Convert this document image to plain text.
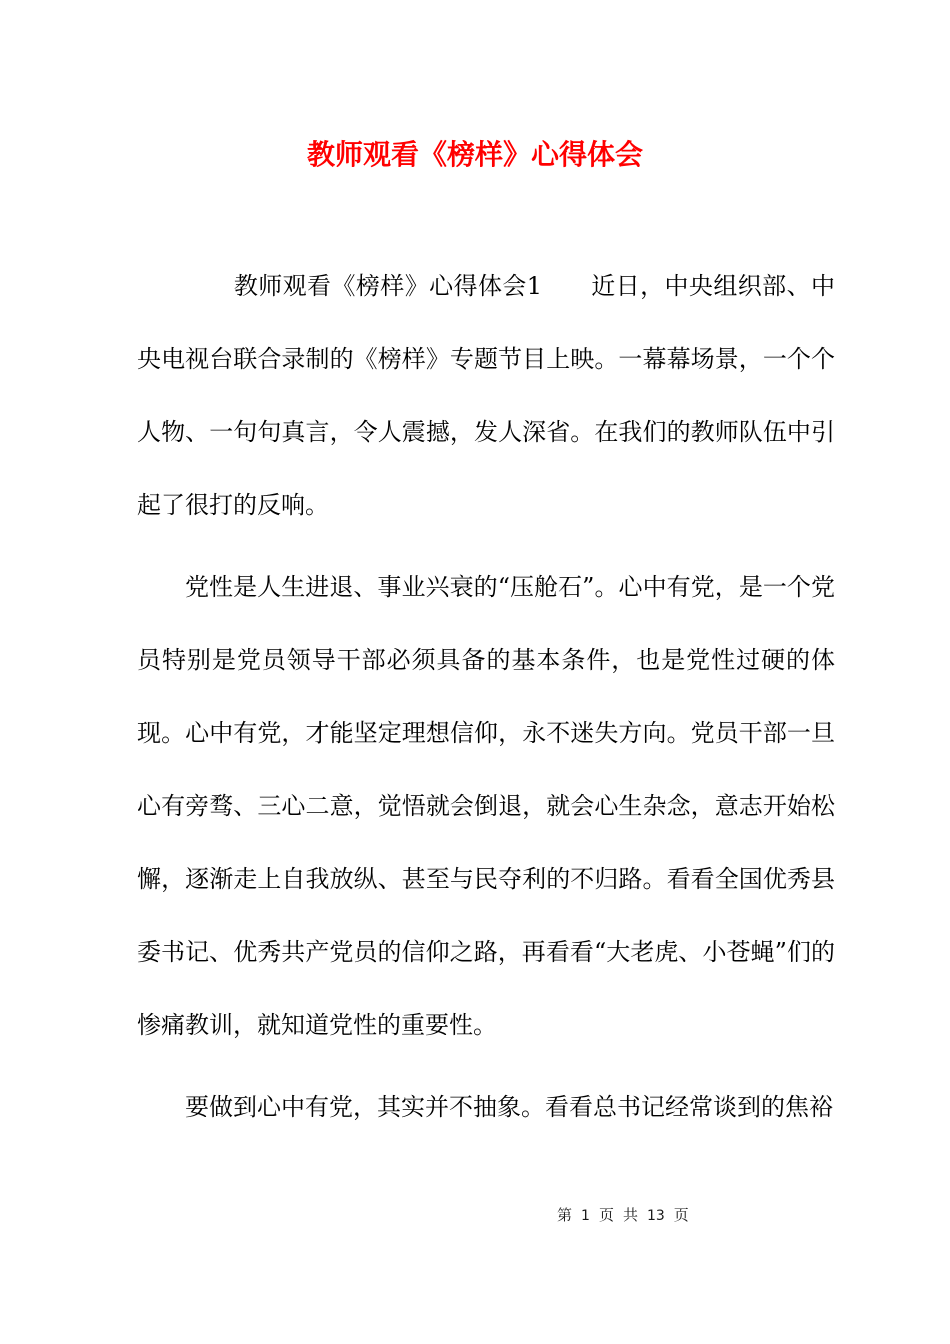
教师观看《榜样》心得体会

　　教师观看《榜样》心得体会1　　近日，中央组织部、中央电视台联合录制的《榜样》专题节目上映。一幕幕场景，一个个人物、一句句真言，令人震撼，发人深省。在我们的教师队伍中引起了很打的反响。

党性是人生进退、事业兴衰的“压舱石”。心中有党，是一个党员特别是党员领导干部必须具备的基本条件，也是党性过硬的体现。心中有党，才能坚定理想信仰，永不迷失方向。党员干部一旦心有旁骛、三心二意，觉悟就会倒退，就会心生杂念，意志开始松懈，逐渐走上自我放纵、甚至与民夺利的不归路。看看全国优秀县委书记、优秀共产党员的信仰之路，再看看“大老虎、小苍蝇”们的惨痛教训，就知道党性的重要性。

要做到心中有党，其实并不抽象。看看总书记经常谈到的焦裕

第 1 页 共 13 页
